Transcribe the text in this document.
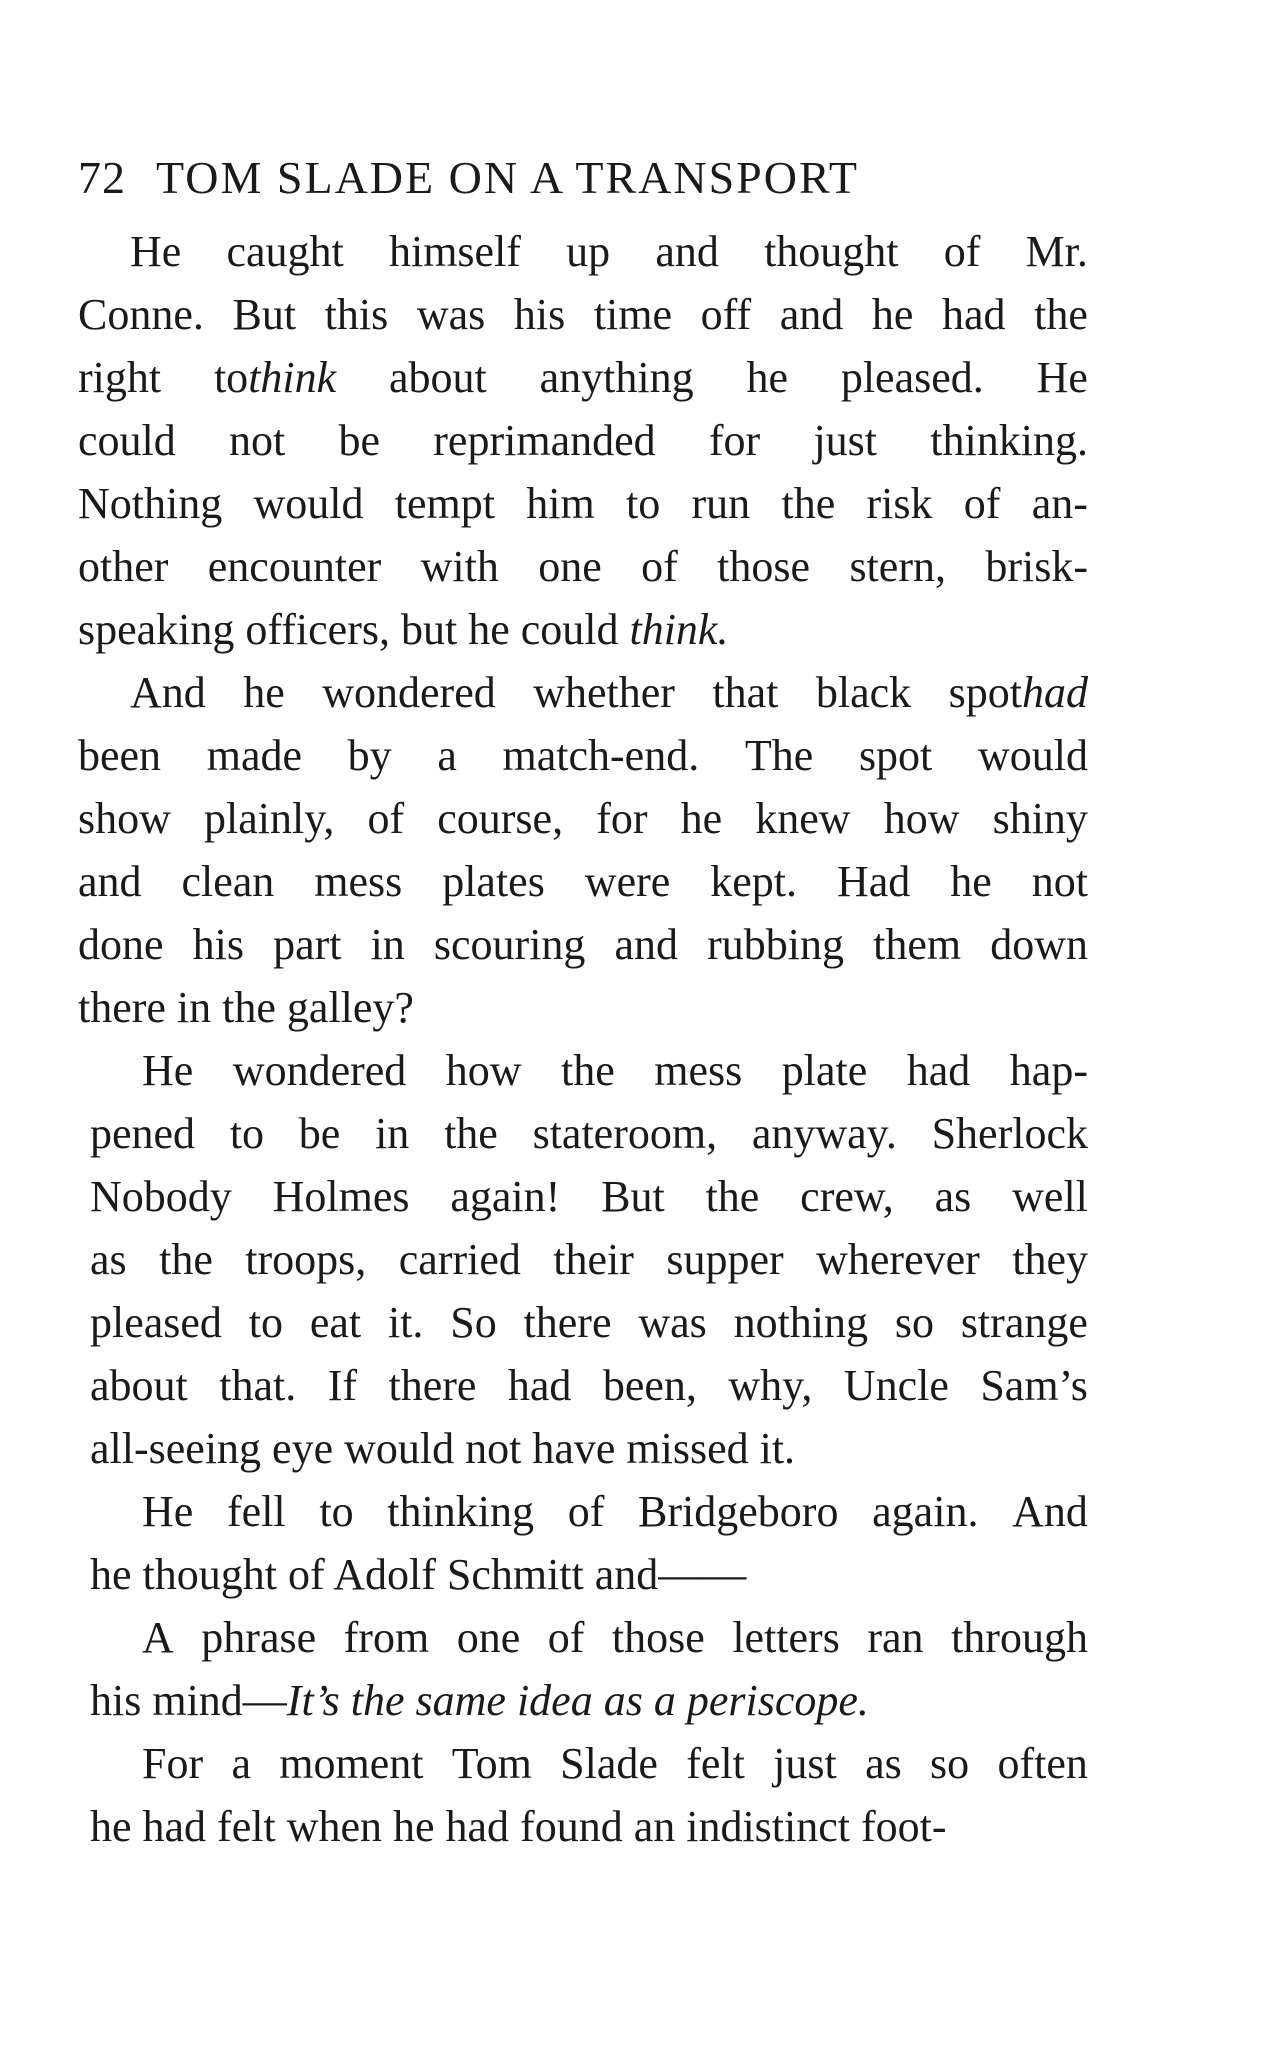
72 TOM SLADE ON A TRANSPORT
He caught himself up and thought of Mr.
Conne. But this was his time off and he had the
right tothink about anything he pleased. He
could not be reprimanded for just thinking.
Nothing would tempt him to run the risk of an-
other encounter with one of those stern, brisk-
speaking officers, but he could think.
And he wondered whether that black spothad
been made by a match-end. The spot would
show plainly, of course, for he knew how shiny
and clean mess plates were kept. Had he not
done his part in scouring and rubbing them down
there in the galley?
He wondered how the mess plate had hap-
pened to be in the stateroom, anyway. Sherlock
Nobody Holmes again! But the crew, as well
as the troops, carried their supper wherever they
pleased to eat it. So there was nothing so strange
about that. If there had been, why, Uncle Sam’s
all-seeing eye would not have missed it.
He fell to thinking of Bridgeboro again. And
he thought of Adolf Schmitt and——
A phrase from one of those letters ran through
his mind—It’s the same idea as a periscope.
For a moment Tom Slade felt just as so often
he had felt when he had found an indistinct foot-
